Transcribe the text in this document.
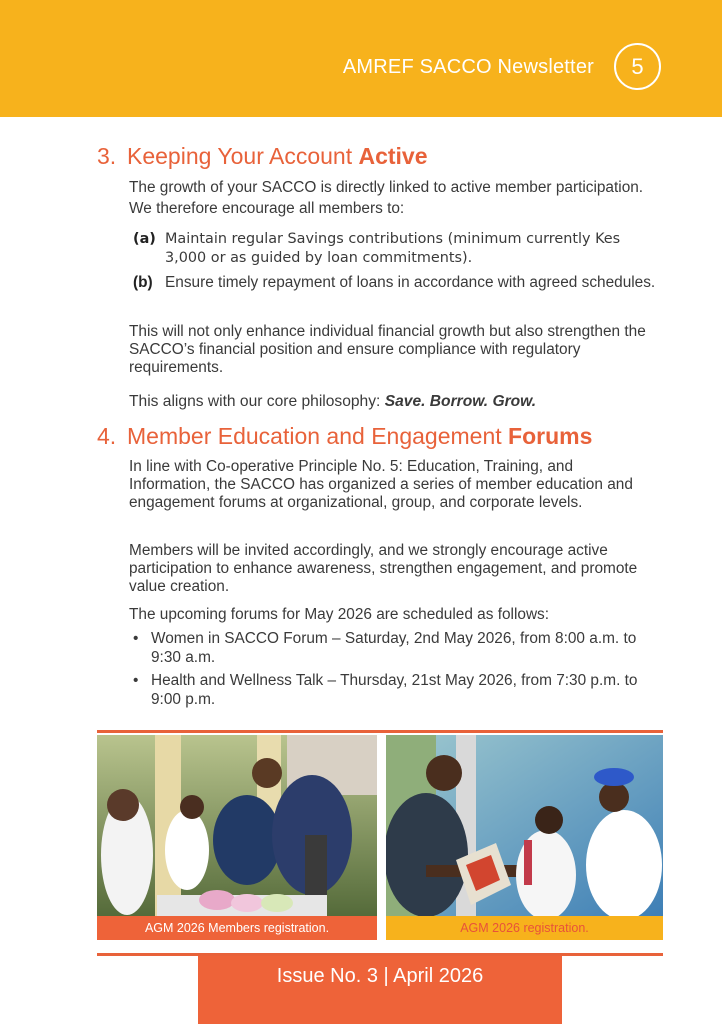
AMREF SACCO Newsletter	5
3. Keeping Your Account Active
The growth of your SACCO is directly linked to active member participation. We therefore encourage all members to:
(a) Maintain regular Savings contributions (minimum currently Kes 3,000 or as guided by loan commitments).
(b) Ensure timely repayment of loans in accordance with agreed schedules.
This will not only enhance individual financial growth but also strengthen the SACCO’s financial position and ensure compliance with regulatory requirements.
This aligns with our core philosophy: Save. Borrow. Grow.
4. Member Education and Engagement Forums
In line with Co-operative Principle No. 5: Education, Training, and Information, the SACCO has organized a series of member education and engagement forums at organizational, group, and corporate levels.
Members will be invited accordingly, and we strongly encourage active participation to enhance awareness, strengthen engagement, and promote value creation.
The upcoming forums for May 2026 are scheduled as follows:
• Women in SACCO Forum – Saturday, 2nd May 2026, from 8:00 a.m. to 9:30 a.m.
• Health and Wellness Talk – Thursday, 21st May 2026, from 7:30 p.m. to 9:00 p.m.
AGM 2026 Members registration.	AGM 2026 registration.
Issue No. 3 | April 2026
